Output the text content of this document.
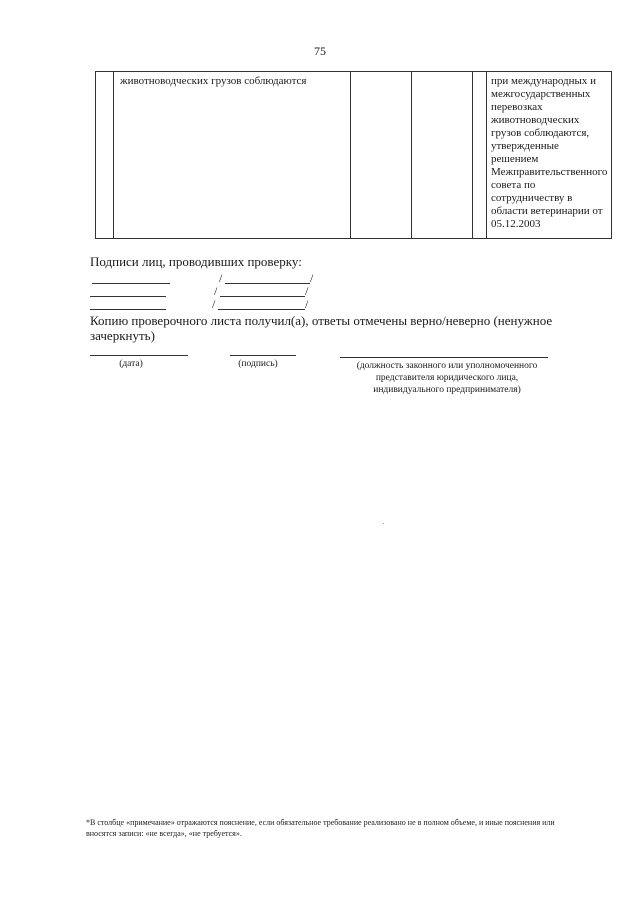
75
	животноводческих грузов соблюдаются				при международных и межгосударственных перевозках животноводческих грузов соблюдаются, утвержденные решением Межправительственного совета по сотрудничеству в области ветеринарии от 05.12.2003
Подписи лиц, проводивших проверку:
/	/
/	/
/	/
Копию проверочного листа получил(а), ответы отмечены верно/неверно (ненужное зачеркнуть)
(дата)	(подпись)	(должность законного или уполномоченного представителя юридического лица, индивидуального предпринимателя)
*В столбце «примечание» отражаются пояснение, если обязательное требование реализовано не в полном объеме, и иные пояснения или вносятся записи: «не всегда», «не требуется».
